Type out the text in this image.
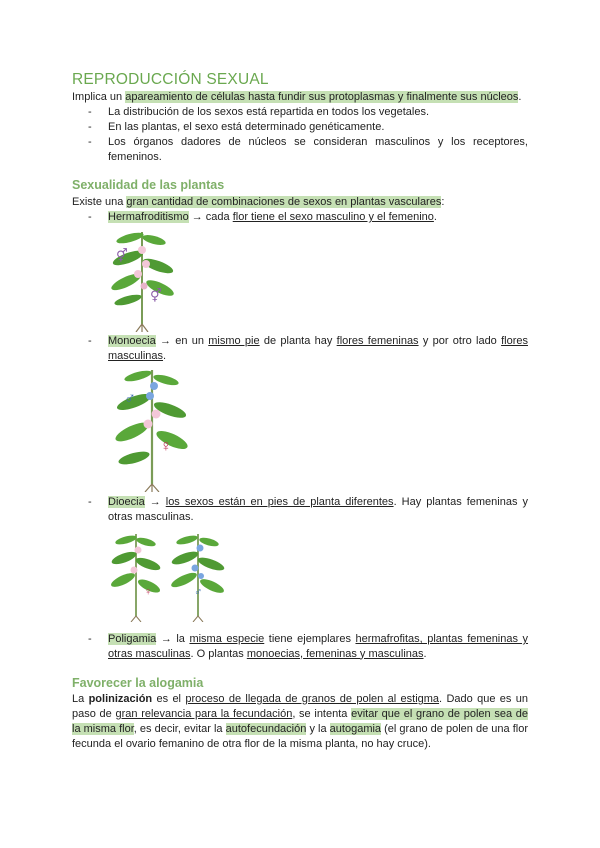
REPRODUCCIÓN SEXUAL
Implica un apareamiento de células hasta fundir sus protoplasmas y finalmente sus núcleos.
- La distribución de los sexos está repartida en todos los vegetales.
- En las plantas, el sexo está determinado genéticamente.
- Los órganos dadores de núcleos se consideran masculinos y los receptores, femeninos.
Sexualidad de las plantas
Existe una gran cantidad de combinaciones de sexos en plantas vasculares:
- Hermafroditismo → cada flor tiene el sexo masculino y el femenino.
⚥
⚥
- Monoecia → en un mismo pie de planta hay flores femeninas y por otro lado flores masculinas.
♂
♀
- Dioecia → los sexos están en pies de planta diferentes. Hay plantas femeninas y otras masculinas.
♀	♂
- Poligamia → la misma especie tiene ejemplares hermafrofitas, plantas femeninas y otras masculinas. O plantas monoecias, femeninas y masculinas.
Favorecer la alogamia
La polinización es el proceso de llegada de granos de polen al estigma. Dado que es un paso de gran relevancia para la fecundación, se intenta evitar que el grano de polen sea de la misma flor, es decir, evitar la autofecundación y la autogamia (el grano de polen de una flor fecunda el ovario femanino de otra flor de la misma planta, no hay cruce).
